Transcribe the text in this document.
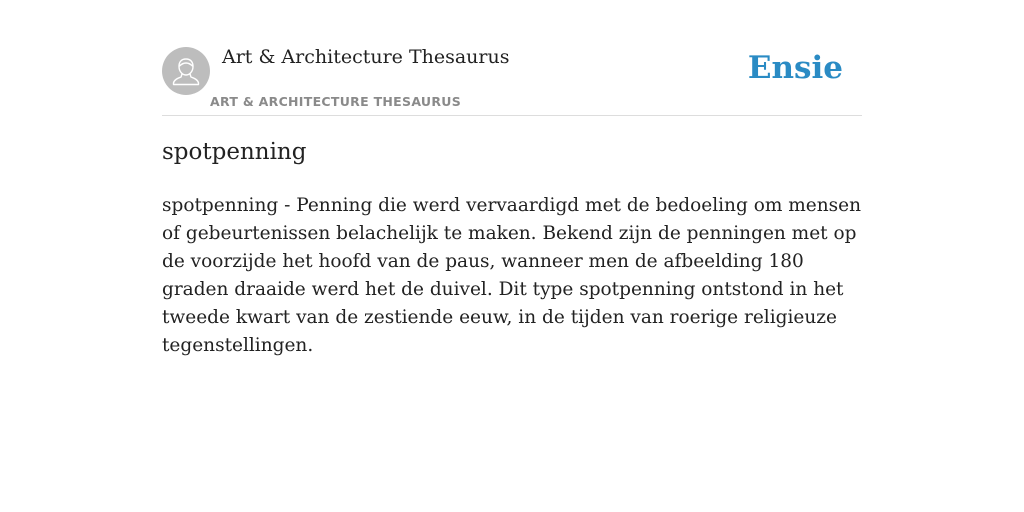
Art & Architecture Thesaurus
ART & ARCHITECTURE THESAURUS
Ensie
spotpenning

spotpenning - Penning die werd vervaardigd met de bedoeling om mensen of gebeurtenissen belachelijk te maken. Bekend zijn de penningen met op de voorzijde het hoofd van de paus, wanneer men de afbeelding 180 graden draaide werd het de duivel. Dit type spotpenning ontstond in het tweede kwart van de zestiende eeuw, in de tijden van roerige religieuze tegenstellingen.
